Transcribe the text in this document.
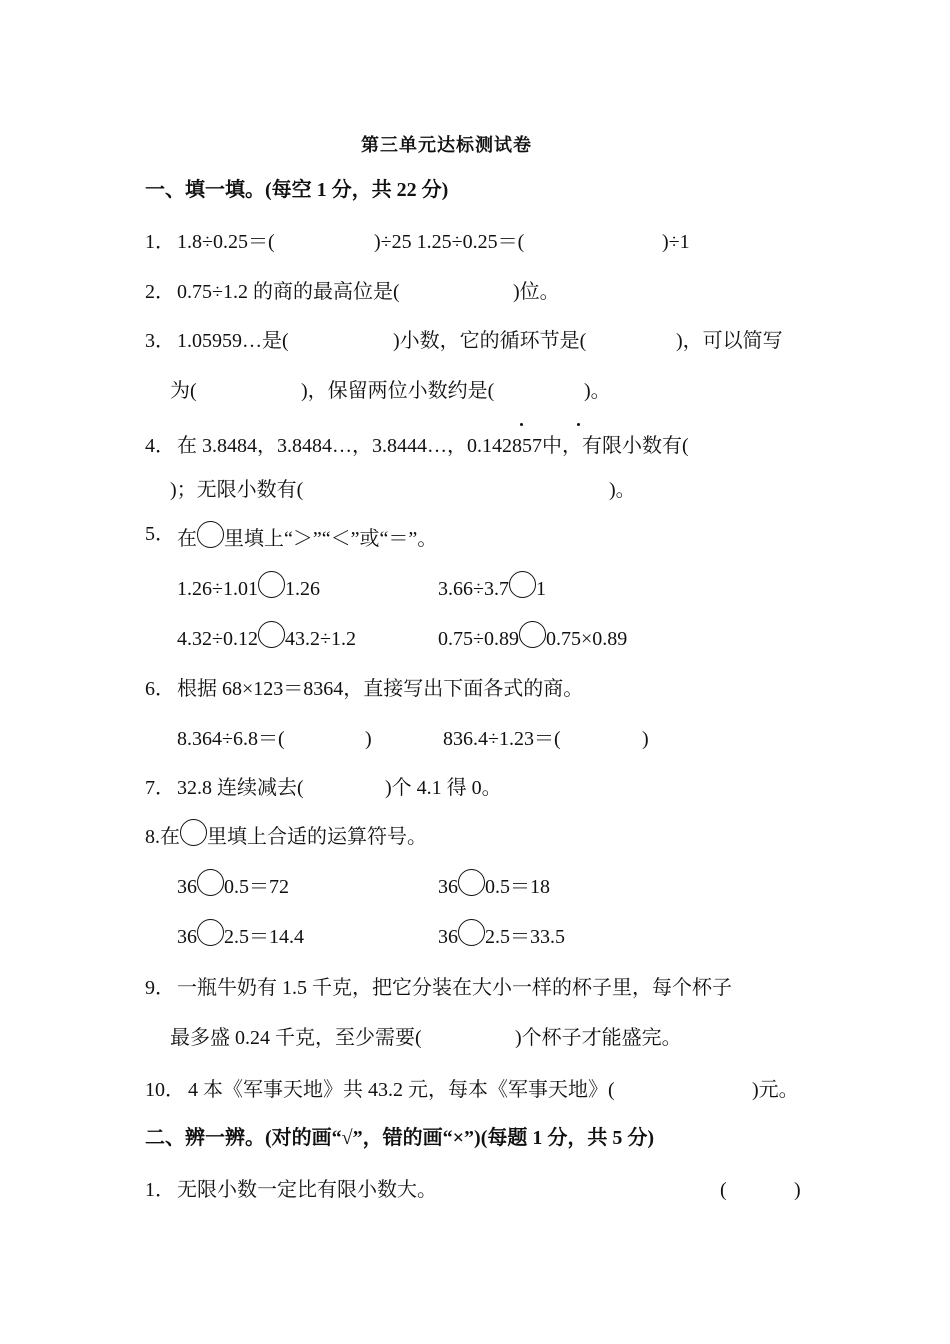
第三单元达标测试卷
一、填一填。(每空 1 分，共 22 分)
1． 1.8÷0.25＝(	)÷25 1.25÷0.25＝(	)÷1
2． 0.75÷1.2 的商的最高位是(	)位。
3． 1.05959…是(	)小数，它的循环节是(	)，可以简写
为(	)，保留两位小数约是(	)。
4． 在 3.8484，3.8484…，3.8444…，0.142857中，有限小数有(
)；无限小数有(	)。
5． 在 里填上“＞”“＜”或“＝”。
1.26÷1.01 1.26	3.66÷3.7 1
4.32÷0.12 43.2÷1.2	0.75÷0.89 0.75×0.89
6． 根据 68×123＝8364，直接写出下面各式的商。
8.364÷6.8＝(	)	836.4÷1.23＝(	)
7． 32.8 连续减去(	)个 4.1 得 0。
8.在 里填上合适的运算符号。
36 0.5＝72	36 0.5＝18
36 2.5＝14.4	36 2.5＝33.5
9． 一瓶牛奶有 1.5 千克，把它分装在大小一样的杯子里，每个杯子
最多盛 0.24 千克，至少需要(	)个杯子才能盛完。
10． 4 本《军事天地》共 43.2 元，每本《军事天地》(	)元。
二、辨一辨。(对的画“√”，错的画“×”)(每题 1 分，共 5 分)
1． 无限小数一定比有限小数大。	(	)
